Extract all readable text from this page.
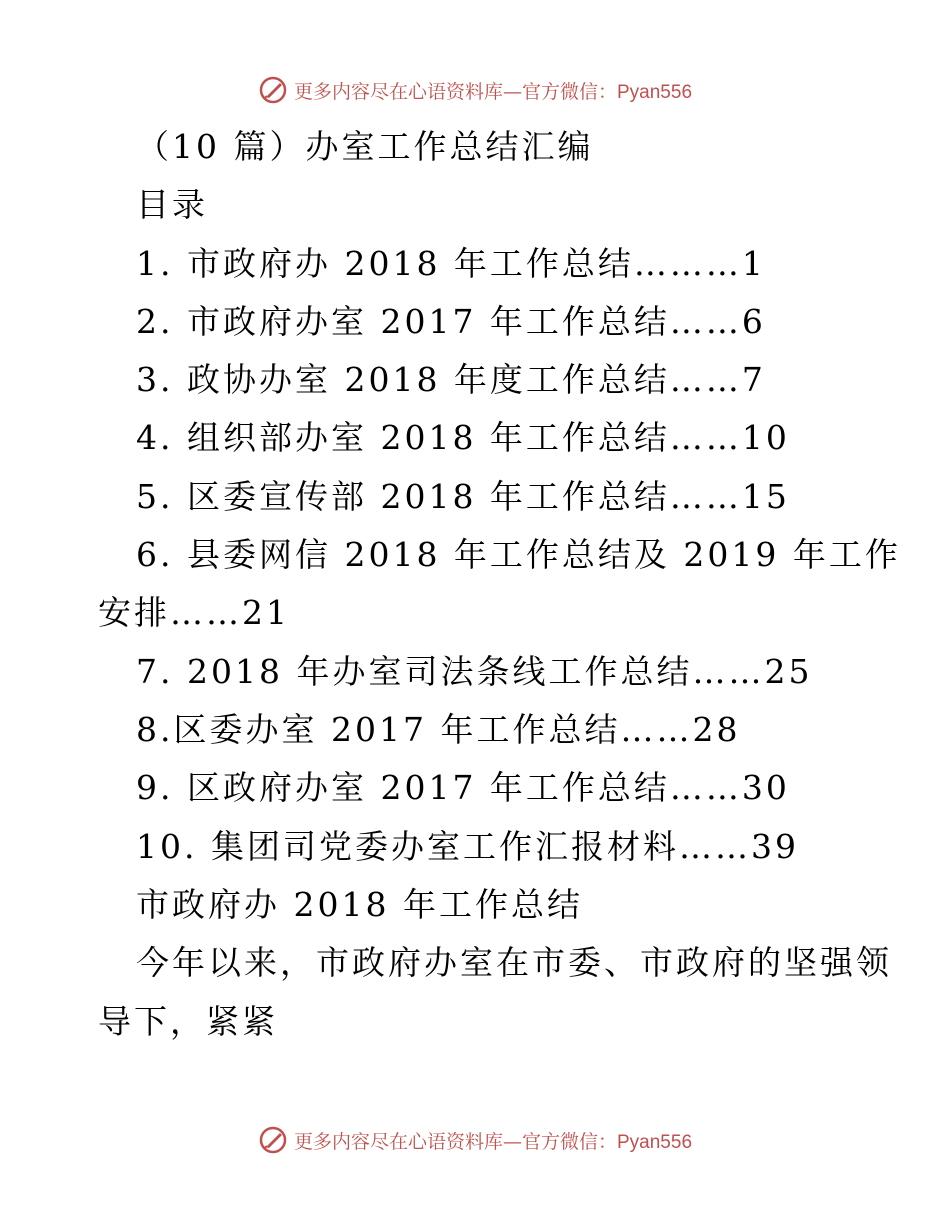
更多内容尽在心语资料库—官方微信：Pyan556
（10 篇）办室工作总结汇编
目录
1. 市政府办 2018 年工作总结………1
2. 市政府办室 2017 年工作总结……6
3. 政协办室 2018 年度工作总结……7
4. 组织部办室 2018 年工作总结……10
5. 区委宣传部 2018 年工作总结……15
6. 县委网信 2018 年工作总结及 2019 年工作
安排……21
7. 2018 年办室司法条线工作总结……25
8.区委办室 2017 年工作总结……28
9. 区政府办室 2017 年工作总结……30
10. 集团司党委办室工作汇报材料……39
市政府办 2018 年工作总结
今年以来，市政府办室在市委、市政府的坚强领
导下，紧紧
更多内容尽在心语资料库—官方微信：Pyan556
